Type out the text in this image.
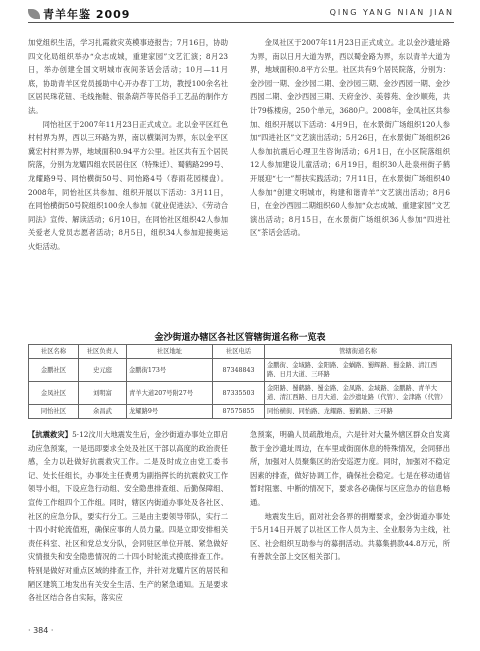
青羊年鉴 2009	QING YANG NIAN JIAN

加党组织生活，学习扎霞救灾英模事迹报告；7月16日，协助四文化局组织举办“众志成城，重建家园”文艺汇演；8月23日，举办创建全国文明城市夜间茶话会活动；10月—11月底，协助青羊区党员援助中心开办春丁工坊，教授100余名社区居民珠花钮、毛线拖鞋、银条葫芦等民俗手工艺品的制作方法。

同怡社区于2007年11月23日正式成立。北以金平区红色村村界为界，西以三环路为界，南以横渠河为界，东以金平区冀宏村村界为界，地域面积0.94平方公里。社区共有五个居民院落，分别为龙耀四组农民居住区（特殊迁）、蜀鹤路299号、龙耀路9号、同怡横街50号、同怡路4号（春雨花园楼盘）。2008年，同怡社区共参加、组织开展以下活动：3月11日，在同怡横街50号院组织100余人参加《就业促进法》、《劳动合同法》宣传、解读活动；6月10日，在同怡社区组织42人参加关爱老人党员志愿者活动；8月5日，组织34人参加迎接奥运火炬活动。

金凤社区于2007年11月23日正式成立。北以金沙遗址路为界，南以日月大道为界，西以蜀金路为界，东以青羊大道为界，地域面积0.8平方公里。社区共有9个居民院落，分别为：金沙园一期、金沙园二期、金沙园三期、金沙西园一期、金沙西园二期、金沙西园三期、天府金沙、美蓉苑、金沙顺苑，共计79栋楼房，250个单元，3680户。2008年，金凤社区共参加、组织开展以下活动：4月9日，在水景街广场组织120人参加“四进社区”文艺演出活动；5月26日，在水景街广场组织26人参加抗震后心理卫生咨询活动；6月1日，在小区院落组织12人参加建设儿童活动；6月19日，组织30人赴泉州街子鹤开展迎“七一”帮扶实践活动；7月11日，在水景街广场组织40人参加“创建文明城市，构建和谐青羊”文艺演出活动；8月6日，在金沙西园二期组织60人参加“众志成城、重建家园”文艺演出活动；8月15日，在水景街广场组织36人参加“四进社区”茶话会活动。

金沙街道办辖区各社区管辖街道名称一览表
社区名称	社区负责人	社区地址	社区电话	管辖街道名称
金鹏社区	史元庭	金鹏街173号	87348843	金鹏街、金域路、金阳路、金蜗路、蜀辉路、蜀金路、清江西路、日月大道、三环路
金凤社区	刘明富	青羊大道207号附27号	87335503	金阳路、蜀鹤路、蜀金路、金凤路、金域路、金鹏路、青羊大道、清江西路、日月大道、金沙遗址路（代管）、金津路（代管）
同怡社区	余昌武	龙耀路9号	87575855	同怡横街、同怡路、龙耀路、蜀鹤路、三环路

【抗震救灾】5·12汶川大地震发生后，金沙街道办事处立即启动应急预案，一是迅即要求全处及社区干部以高度的政治责任感，全力以赴做好抗震救灾工作。二是及时成立由党工委书记、处长任组长，办事处主任费勇为副指挥长的抗震救灾工作领导小组，下设应急行动组、安全隐患排查组、后勤保障组、宣传工作组四个工作组。同时，辖区内街道办事处及各社区、社区的应急分队，要实行分工。三是由主要领导带队，实行二十四小时轮流值班，确保应事的人员力量。四是立即安排相关责任科室、社区和党总支分队，会同驻区单位开展、紧急做好灾情报失和安全隐患情况的二十四小时轮流式摸底排查工作。特别是做好对重点区域的排查工作，并针对龙耀片区的居民和陋区建筑工地发出有关安全生活、生产的紧急通知。五是要求各社区结合各自实际，落实应

急预案，明确人员疏散地点，六是针对大量外辖区群众自发离散于金沙遗址周边，在车里或街面休息的特殊情况，会同驿出所，加强对人员聚集区的治安巡逻力度。同时，加强对不稳定因素的排查，做好协调工作，确保社会稳定。七是在移动通信暂时阻塞、中断的情况下，要求各必确保与区应急办的信息畅通。

地震发生后，面对社会各界的捐赠要求，金沙街道办事处于5月14日开展了以社区工作人员为主、全业服务为主线，社区、社会组织互助参与的募捐活动。共募集捐款44.8万元，所有善款全部上交区相关部门。

· 384 ·
